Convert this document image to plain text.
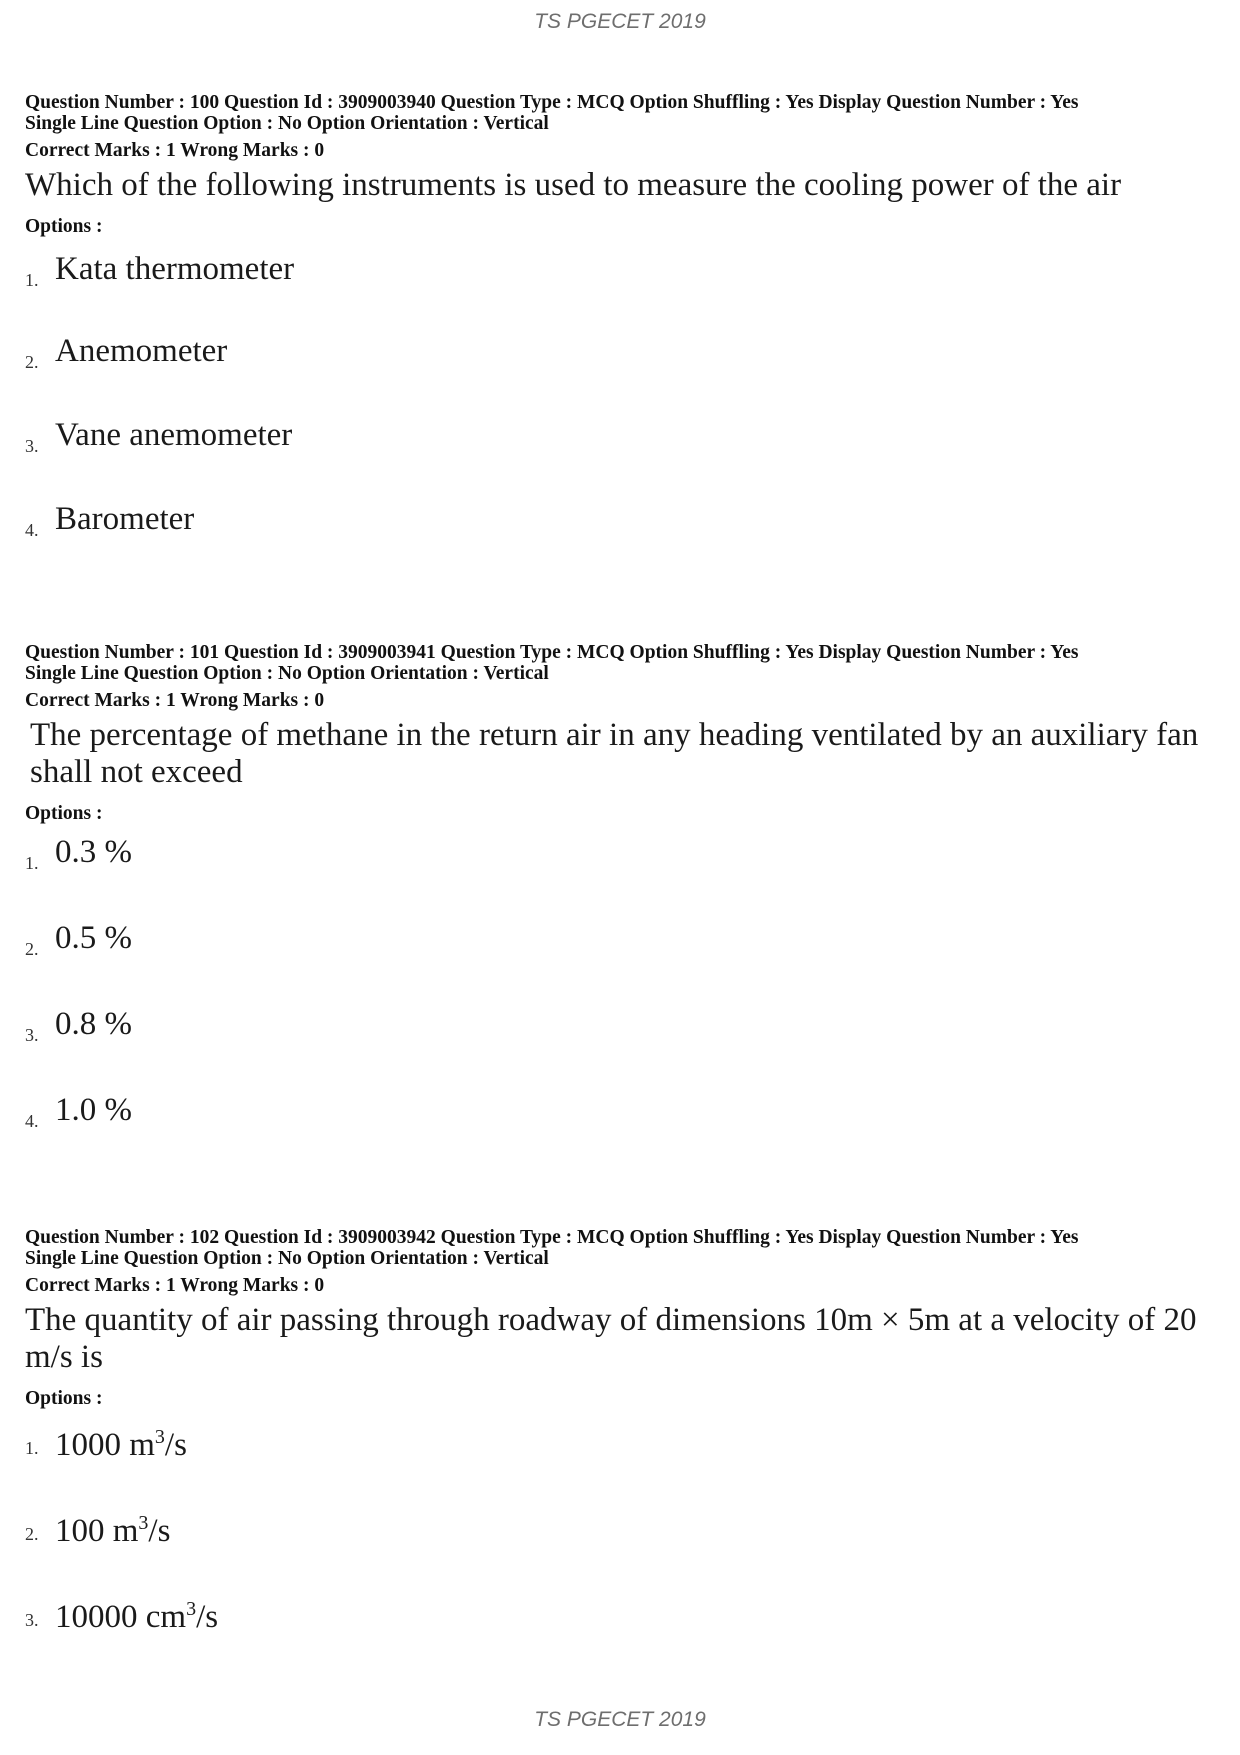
TS PGECET 2019
Question Number : 100 Question Id : 3909003940 Question Type : MCQ Option Shuffling : Yes Display Question Number : Yes
Single Line Question Option : No Option Orientation : Vertical
Correct Marks : 1 Wrong Marks : 0
Which of the following instruments is used to measure the cooling power of the air
Options :
1. Kata thermometer
2. Anemometer
3. Vane anemometer
4. Barometer
Question Number : 101 Question Id : 3909003941 Question Type : MCQ Option Shuffling : Yes Display Question Number : Yes
Single Line Question Option : No Option Orientation : Vertical
Correct Marks : 1 Wrong Marks : 0
The percentage of methane in the return air in any heading ventilated by an auxiliary fan shall not exceed
Options :
1. 0.3 %
2. 0.5 %
3. 0.8 %
4. 1.0 %
Question Number : 102 Question Id : 3909003942 Question Type : MCQ Option Shuffling : Yes Display Question Number : Yes
Single Line Question Option : No Option Orientation : Vertical
Correct Marks : 1 Wrong Marks : 0
The quantity of air passing through roadway of dimensions 10m × 5m at a velocity of 20 m/s is
Options :
1. 1000 $m^3/s$
2. 100 $m^3/s$
3. 10000 $cm^3/s$
TS PGECET 2019
